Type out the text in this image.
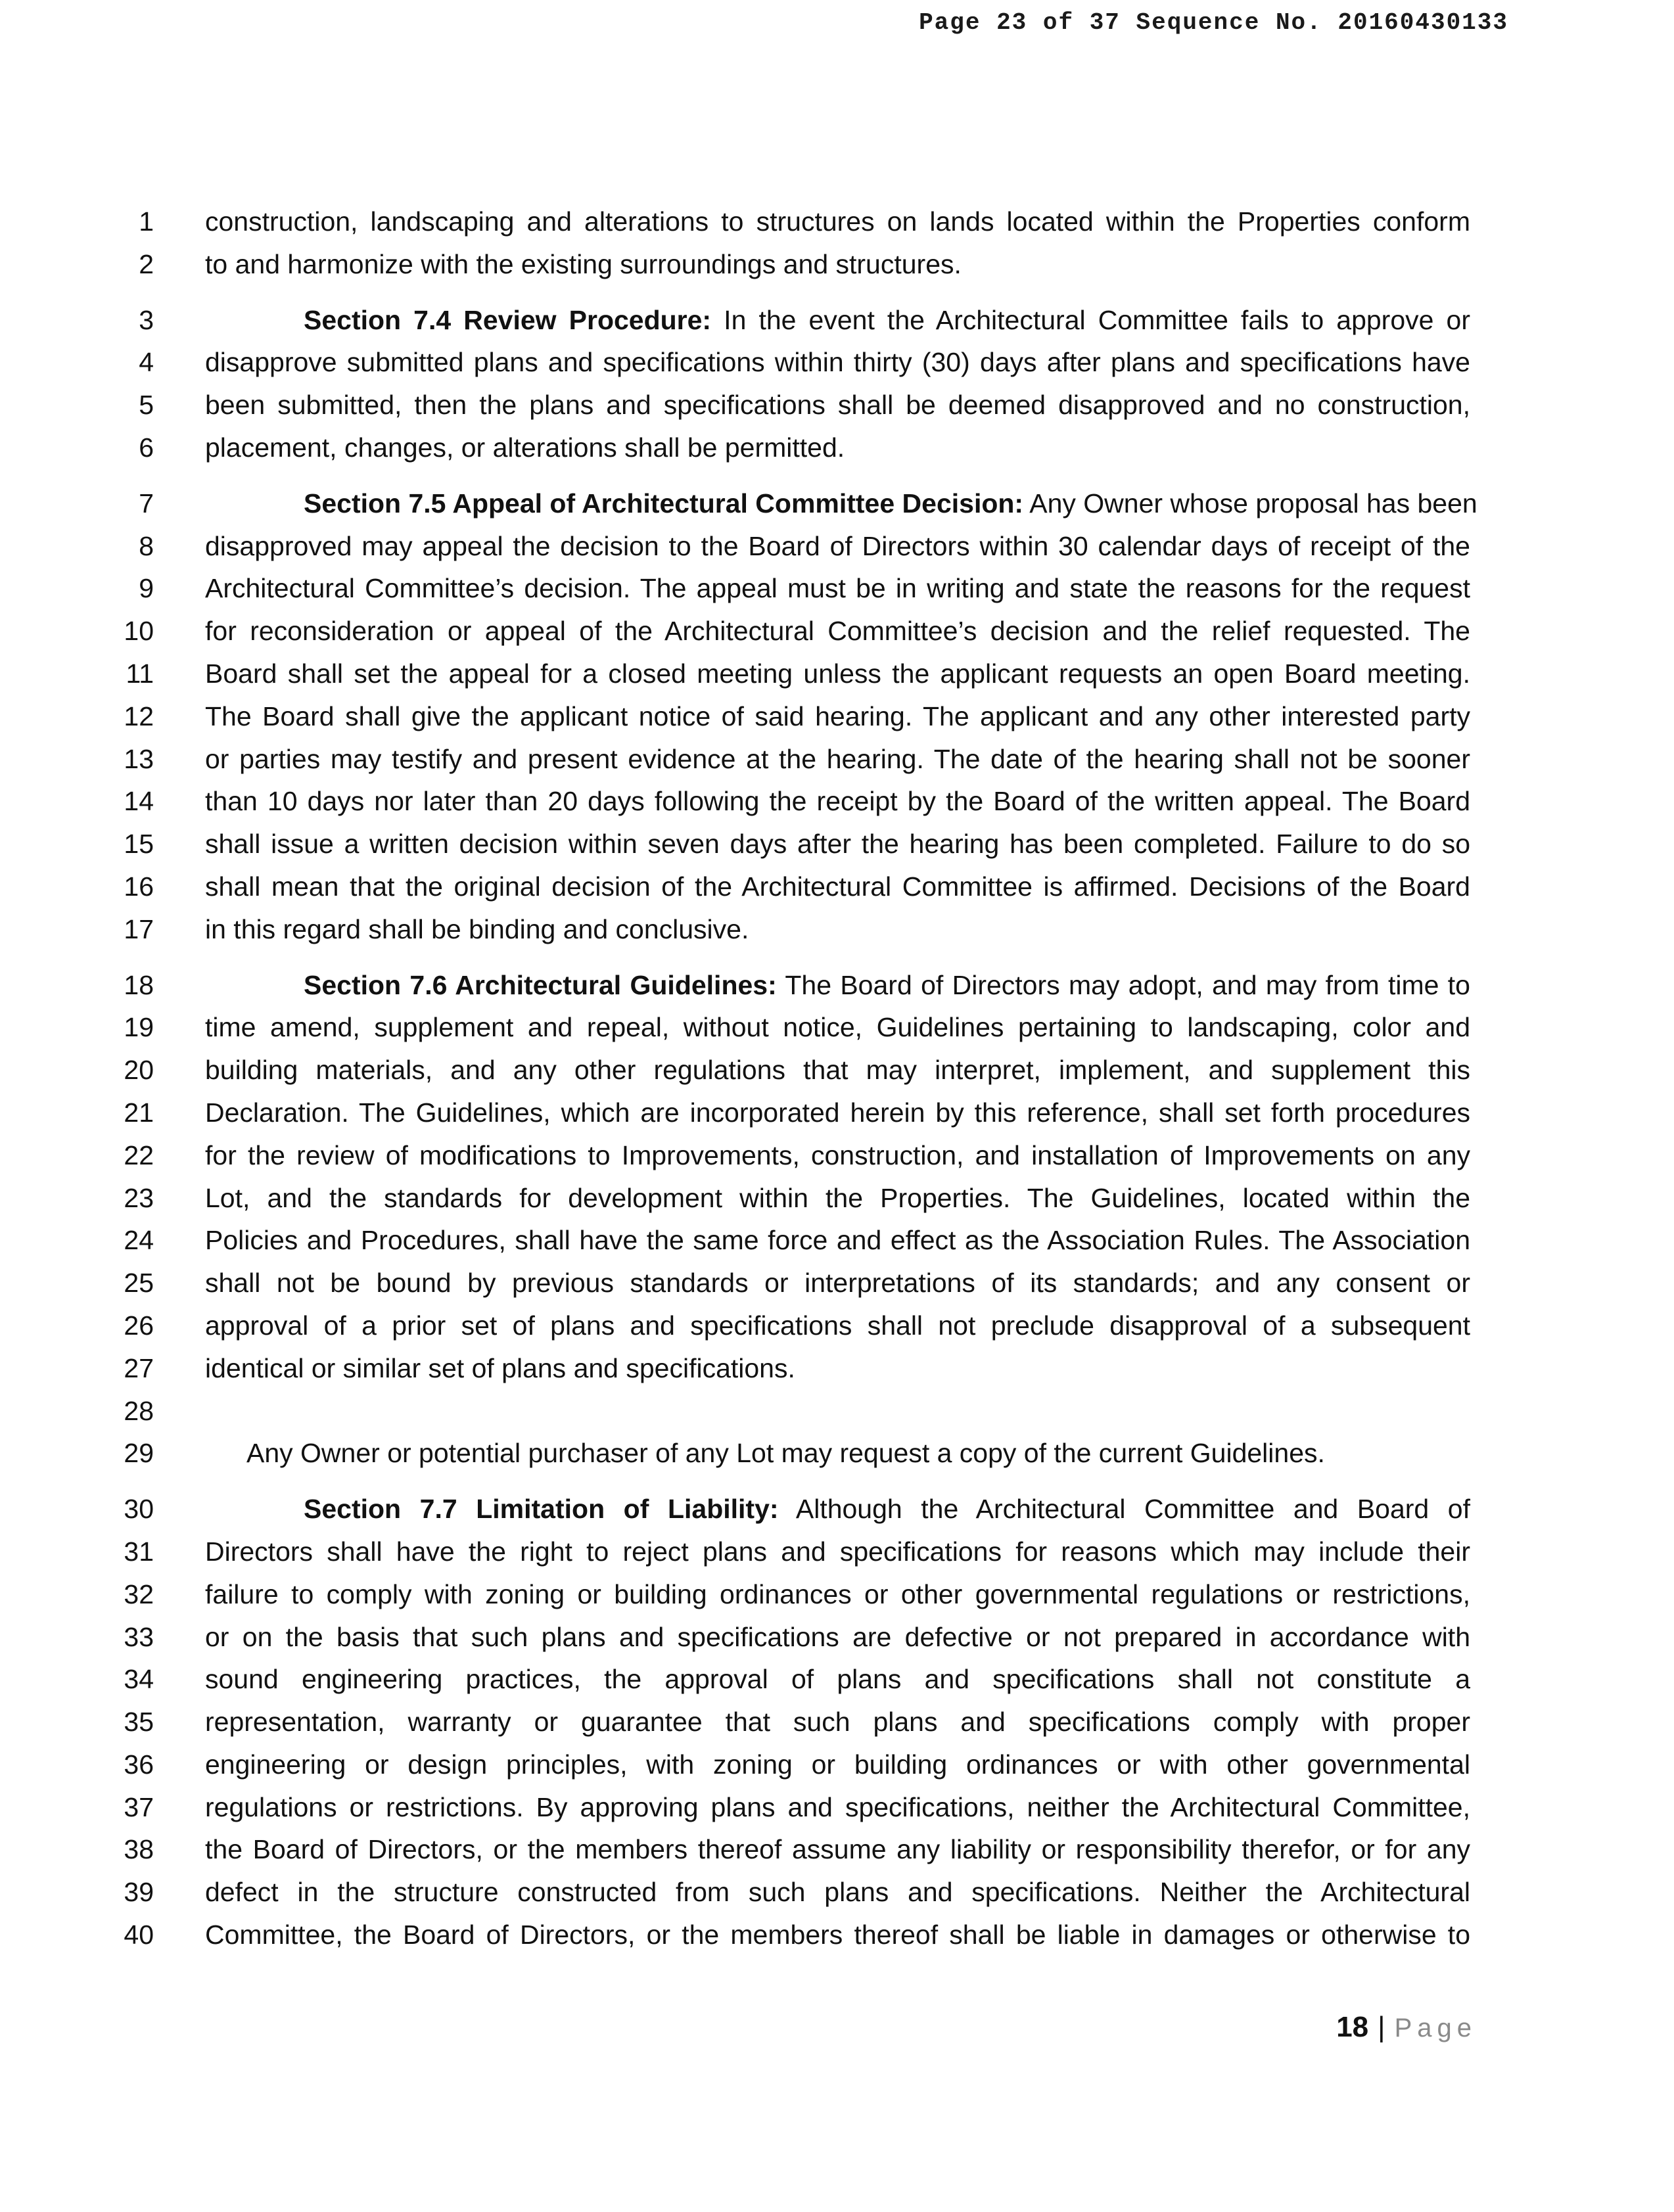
Page 23 of 37 Sequence No. 20160430133
1 construction, landscaping and alterations to structures on lands located within the Properties conform
2 to and harmonize with the existing surroundings and structures.
3	Section 7.4 Review Procedure: In the event the Architectural Committee fails to approve or
4 disapprove submitted plans and specifications within thirty (30) days after plans and specifications have
5 been submitted, then the plans and specifications shall be deemed disapproved and no construction,
6 placement, changes, or alterations shall be permitted.
7	Section 7.5 Appeal of Architectural Committee Decision: Any Owner whose proposal has been
8 disapproved may appeal the decision to the Board of Directors within 30 calendar days of receipt of the
9 Architectural Committee’s decision. The appeal must be in writing and state the reasons for the request
10 for reconsideration or appeal of the Architectural Committee’s decision and the relief requested. The
11 Board shall set the appeal for a closed meeting unless the applicant requests an open Board meeting.
12 The Board shall give the applicant notice of said hearing. The applicant and any other interested party
13 or parties may testify and present evidence at the hearing. The date of the hearing shall not be sooner
14 than 10 days nor later than 20 days following the receipt by the Board of the written appeal. The Board
15 shall issue a written decision within seven days after the hearing has been completed. Failure to do so
16 shall mean that the original decision of the Architectural Committee is affirmed. Decisions of the Board
17 in this regard shall be binding and conclusive.
18	Section 7.6 Architectural Guidelines: The Board of Directors may adopt, and may from time to
19 time amend, supplement and repeal, without notice, Guidelines pertaining to landscaping, color and
20 building materials, and any other regulations that may interpret, implement, and supplement this
21 Declaration. The Guidelines, which are incorporated herein by this reference, shall set forth procedures
22 for the review of modifications to Improvements, construction, and installation of Improvements on any
23 Lot, and the standards for development within the Properties. The Guidelines, located within the
24 Policies and Procedures, shall have the same force and effect as the Association Rules. The Association
25 shall not be bound by previous standards or interpretations of its standards; and any consent or
26 approval of a prior set of plans and specifications shall not preclude disapproval of a subsequent
27 identical or similar set of plans and specifications.
28
29	Any Owner or potential purchaser of any Lot may request a copy of the current Guidelines.
30	Section 7.7 Limitation of Liability: Although the Architectural Committee and Board of
31 Directors shall have the right to reject plans and specifications for reasons which may include their
32 failure to comply with zoning or building ordinances or other governmental regulations or restrictions,
33 or on the basis that such plans and specifications are defective or not prepared in accordance with
34 sound engineering practices, the approval of plans and specifications shall not constitute a
35 representation, warranty or guarantee that such plans and specifications comply with proper
36 engineering or design principles, with zoning or building ordinances or with other governmental
37 regulations or restrictions. By approving plans and specifications, neither the Architectural Committee,
38 the Board of Directors, or the members thereof assume any liability or responsibility therefor, or for any
39 defect in the structure constructed from such plans and specifications. Neither the Architectural
40 Committee, the Board of Directors, or the members thereof shall be liable in damages or otherwise to
18 | Page
